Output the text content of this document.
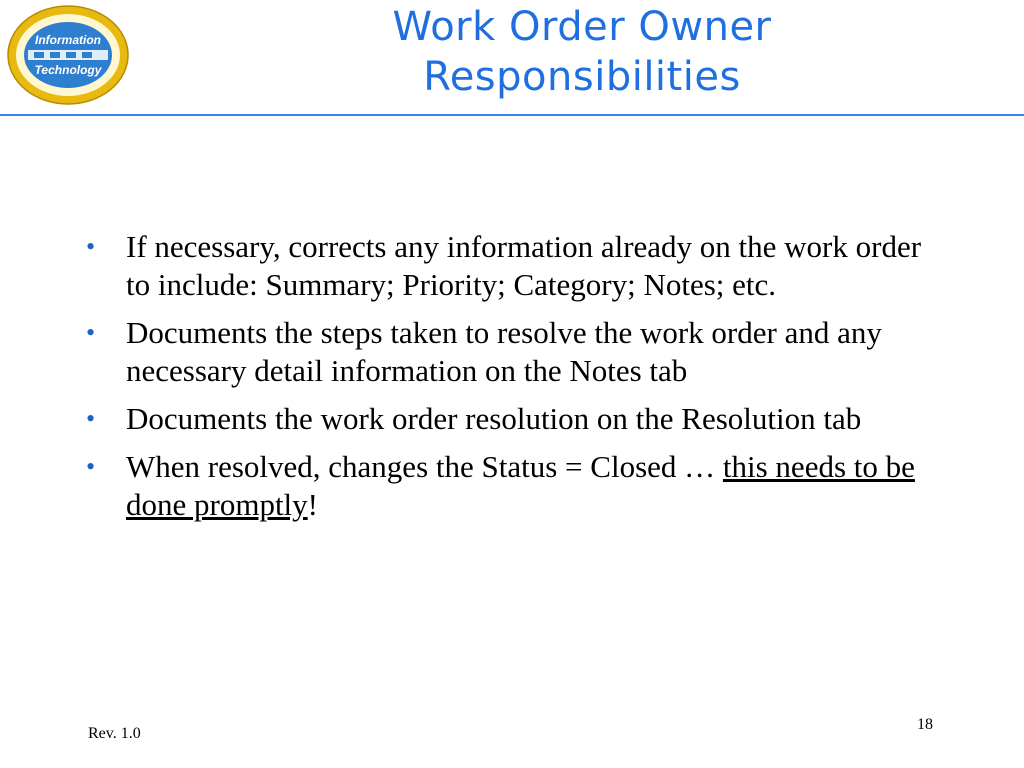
Information
Technology
Work Order Owner
Responsibilities
• If necessary, corrects any information already on the work order to include: Summary; Priority; Category; Notes; etc.
• Documents the steps taken to resolve the work order and any necessary detail information on the Notes tab
• Documents the work order resolution on the Resolution tab
• When resolved, changes the Status = Closed … this needs to be done promptly!
Rev. 1.0
18
